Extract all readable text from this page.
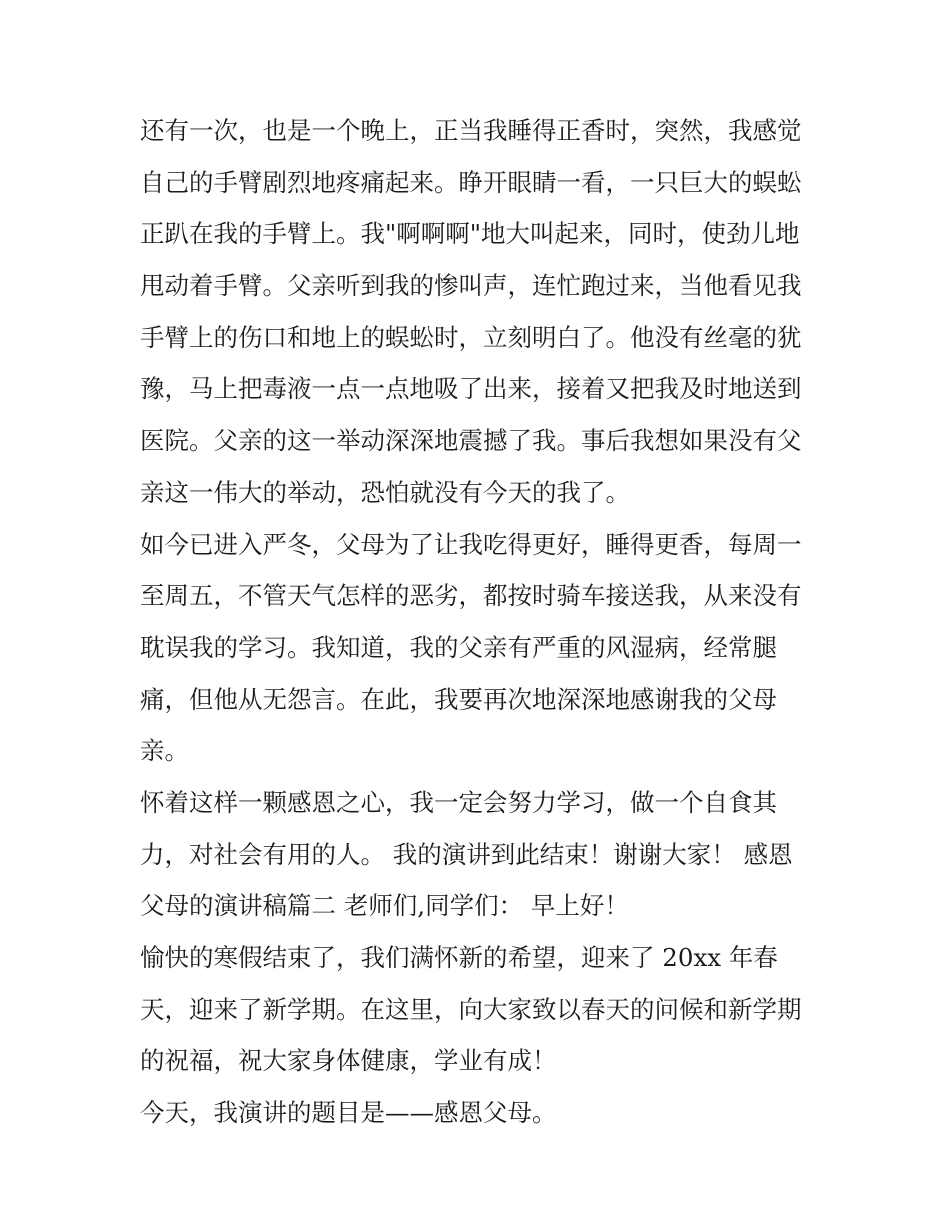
还有一次，也是一个晚上，正当我睡得正香时，突然，我感觉
自己的手臂剧烈地疼痛起来。睁开眼睛一看，一只巨大的蜈蚣
正趴在我的手臂上。我"啊啊啊"地大叫起来，同时，使劲儿地
甩动着手臂。父亲听到我的惨叫声，连忙跑过来，当他看见我
手臂上的伤口和地上的蜈蚣时，立刻明白了。他没有丝毫的犹
豫，马上把毒液一点一点地吸了出来，接着又把我及时地送到
医院。父亲的这一举动深深地震撼了我。事后我想如果没有父
亲这一伟大的举动，恐怕就没有今天的我了。
如今已进入严冬，父母为了让我吃得更好，睡得更香，每周一
至周五，不管天气怎样的恶劣，都按时骑车接送我，从来没有
耽误我的学习。我知道，我的父亲有严重的风湿病，经常腿
痛，但他从无怨言。在此，我要再次地深深地感谢我的父母
亲。
怀着这样一颗感恩之心，我一定会努力学习，做一个自食其
力，对社会有用的人。 我的演讲到此结束！谢谢大家！ 感恩
父母的演讲稿篇二 老师们,同学们： 早上好！
愉快的寒假结束了，我们满怀新的希望，迎来了 20xx 年春
天，迎来了新学期。在这里，向大家致以春天的问候和新学期
的祝福，祝大家身体健康，学业有成！
今天，我演讲的题目是——感恩父母。
